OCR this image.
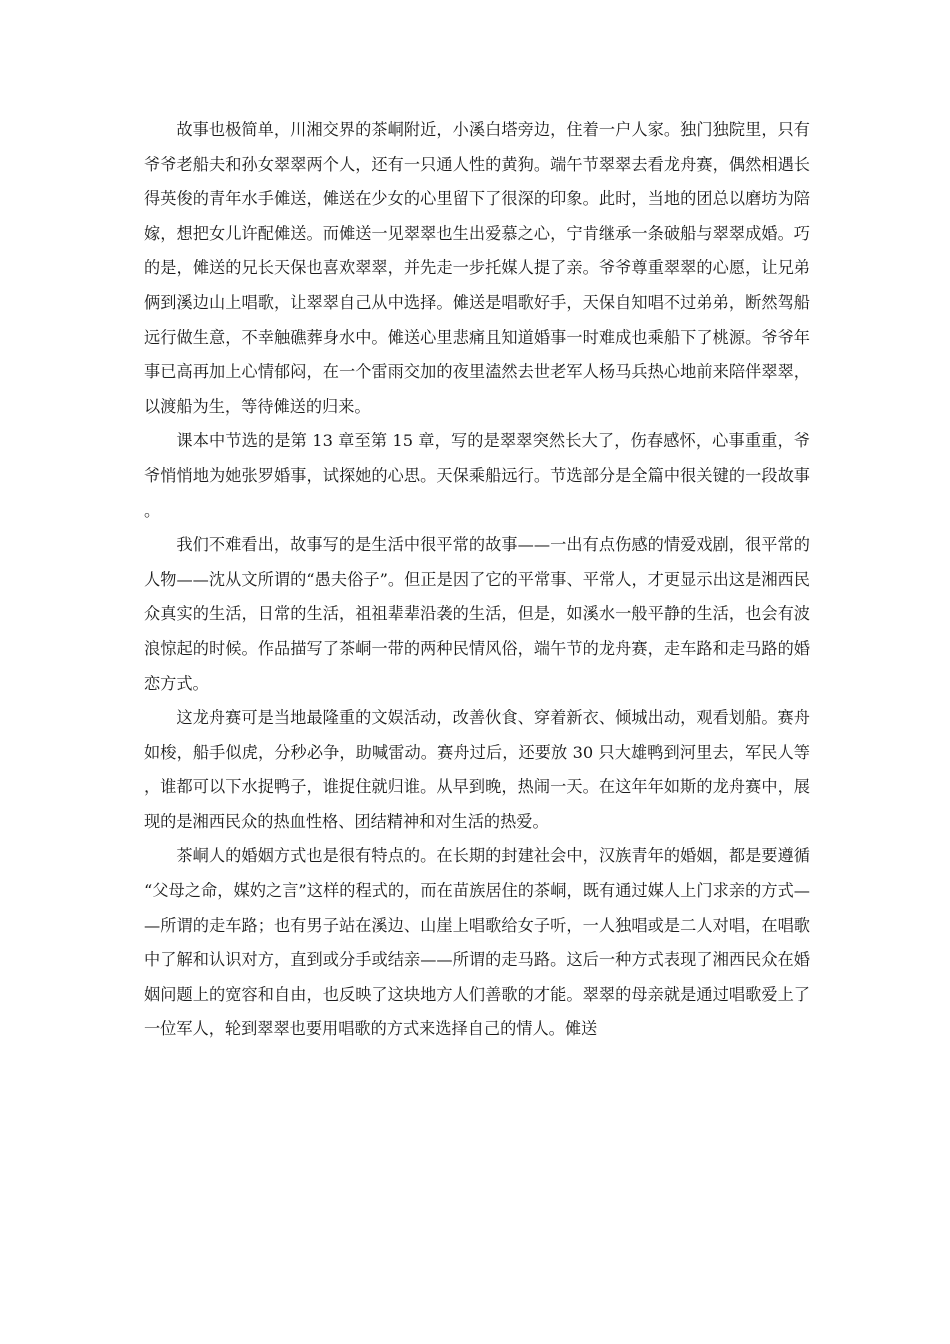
故事也极简单，川湘交界的茶峒附近，小溪白塔旁边，住着一户人家。独门独院里，只有爷爷老船夫和孙女翠翠两个人，还有一只通人性的黄狗。端午节翠翠去看龙舟赛，偶然相遇长得英俊的青年水手傩送，傩送在少女的心里留下了很深的印象。此时，当地的团总以磨坊为陪嫁，想把女儿许配傩送。而傩送一见翠翠也生出爱慕之心，宁肯继承一条破船与翠翠成婚。巧的是，傩送的兄长天保也喜欢翠翠，并先走一步托媒人提了亲。爷爷尊重翠翠的心愿，让兄弟俩到溪边山上唱歌，让翠翠自己从中选择。傩送是唱歌好手，天保自知唱不过弟弟，断然驾船远行做生意，不幸触礁葬身水中。傩送心里悲痛且知道婚事一时难成也乘船下了桃源。爷爷年事已高再加上心情郁闷，在一个雷雨交加的夜里溘然去世老军人杨马兵热心地前来陪伴翠翠，以渡船为生，等待傩送的归来。

课本中节选的是第 13 章至第 15 章，写的是翠翠突然长大了，伤春感怀，心事重重，爷爷悄悄地为她张罗婚事，试探她的心思。天保乘船远行。节选部分是全篇中很关键的一段故事。

我们不难看出，故事写的是生活中很平常的故事——一出有点伤感的情爱戏剧，很平常的人物——沈从文所谓的“愚夫俗子”。但正是因了它的平常事、平常人，才更显示出这是湘西民众真实的生活，日常的生活，祖祖辈辈沿袭的生活，但是，如溪水一般平静的生活，也会有波浪惊起的时候。作品描写了茶峒一带的两种民情风俗，端午节的龙舟赛，走车路和走马路的婚恋方式。

这龙舟赛可是当地最隆重的文娱活动，改善伙食、穿着新衣、倾城出动，观看划船。赛舟如梭，船手似虎，分秒必争，助喊雷动。赛舟过后，还要放 30 只大雄鸭到河里去，军民人等，谁都可以下水捉鸭子，谁捉住就归谁。从早到晚，热闹一天。在这年年如斯的龙舟赛中，展现的是湘西民众的热血性格、团结精神和对生活的热爱。

茶峒人的婚姻方式也是很有特点的。在长期的封建社会中，汉族青年的婚姻，都是要遵循“父母之命，媒妁之言”这样的程式的，而在苗族居住的茶峒，既有通过媒人上门求亲的方式——所谓的走车路；也有男子站在溪边、山崖上唱歌给女子听，一人独唱或是二人对唱，在唱歌中了解和认识对方，直到或分手或结亲——所谓的走马路。这后一种方式表现了湘西民众在婚姻问题上的宽容和自由，也反映了这块地方人们善歌的才能。翠翠的母亲就是通过唱歌爱上了一位军人，轮到翠翠也要用唱歌的方式来选择自己的情人。傩送
